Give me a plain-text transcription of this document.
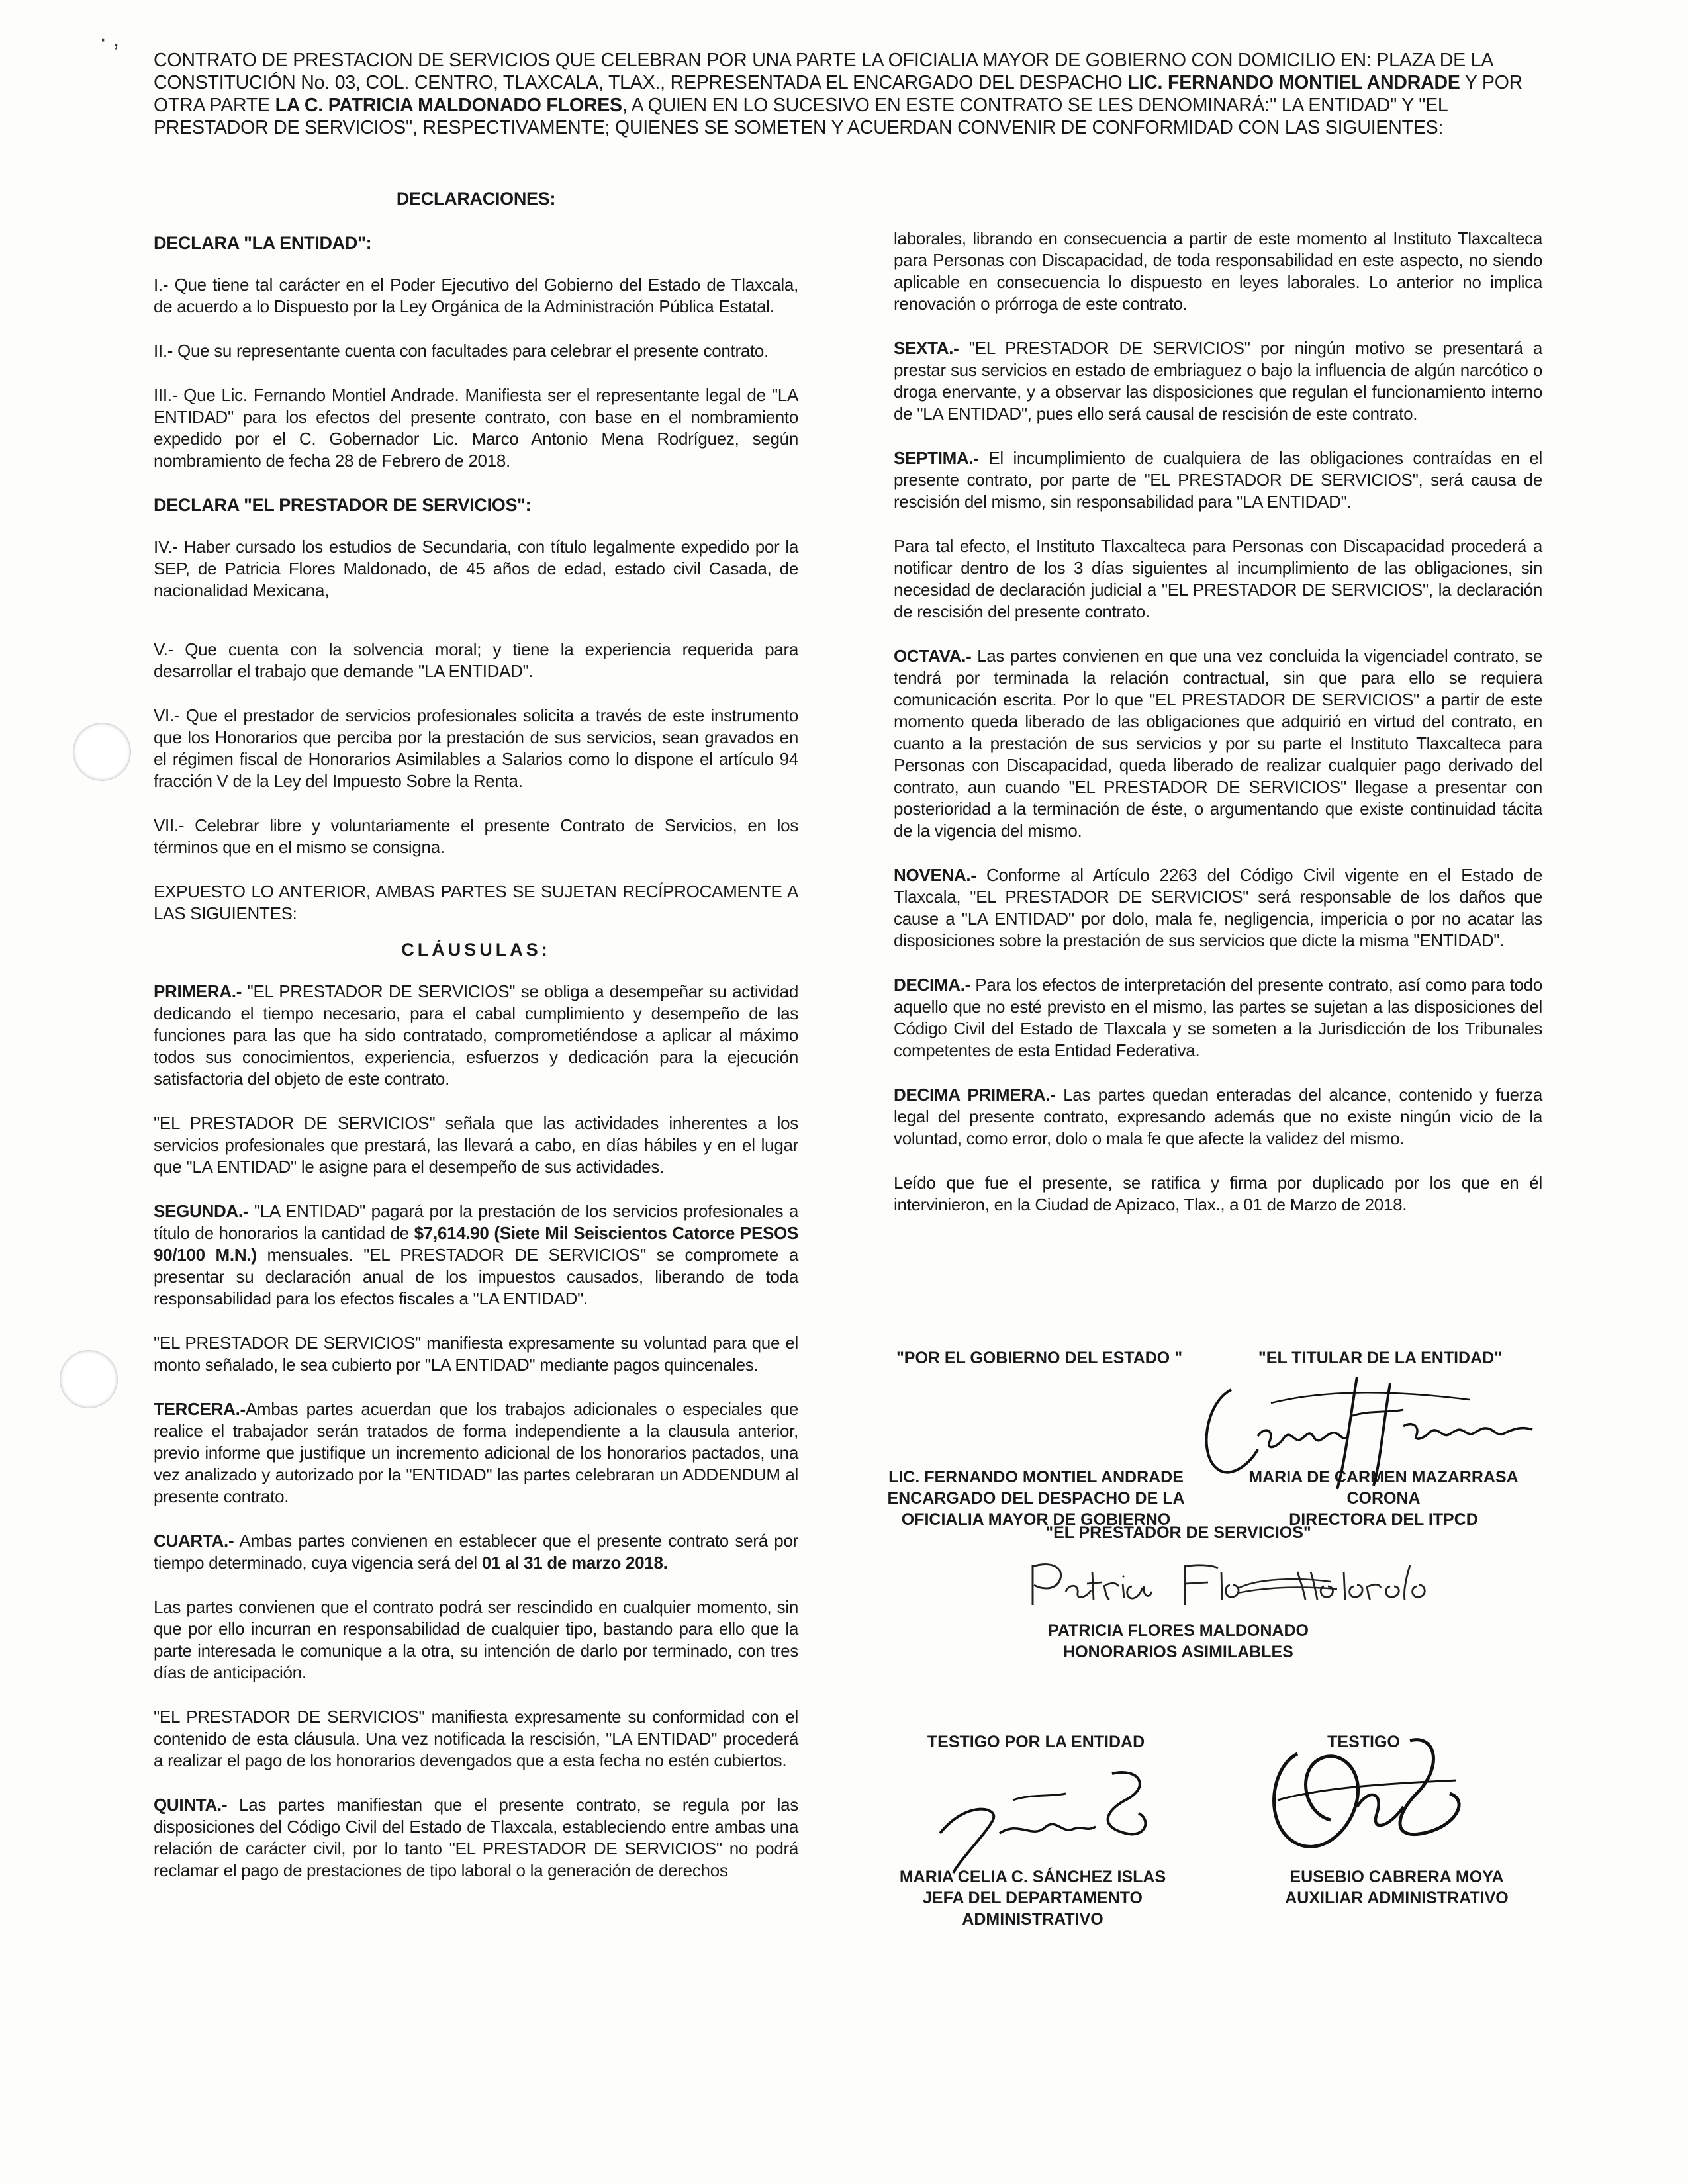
· ,
CONTRATO DE PRESTACION DE SERVICIOS QUE CELEBRAN POR UNA PARTE LA OFICIALIA MAYOR DE GOBIERNO CON DOMICILIO EN: PLAZA DE LA CONSTITUCIÓN No. 03, COL. CENTRO, TLAXCALA, TLAX., REPRESENTADA EL ENCARGADO DEL DESPACHO LIC. FERNANDO MONTIEL ANDRADE Y POR OTRA PARTE LA C. PATRICIA MALDONADO FLORES, A QUIEN EN LO SUCESIVO EN ESTE CONTRATO SE LES DENOMINARÁ:" LA ENTIDAD" Y "EL PRESTADOR DE SERVICIOS", RESPECTIVAMENTE; QUIENES SE SOMETEN Y ACUERDAN CONVENIR DE CONFORMIDAD CON LAS SIGUIENTES:
DECLARACIONES:
DECLARA "LA ENTIDAD":

I.- Que tiene tal carácter en el Poder Ejecutivo del Gobierno del Estado de Tlaxcala, de acuerdo a lo Dispuesto por la Ley Orgánica de la Administración Pública Estatal.

II.- Que su representante cuenta con facultades para celebrar el presente contrato.

III.- Que Lic. Fernando Montiel Andrade. Manifiesta ser el representante legal de "LA ENTIDAD" para los efectos del presente contrato, con base en el nombramiento expedido por el C. Gobernador Lic. Marco Antonio Mena Rodríguez, según nombramiento de fecha 28 de Febrero de 2018.

DECLARA "EL PRESTADOR DE SERVICIOS":

IV.- Haber cursado los estudios de Secundaria, con título legalmente expedido por la SEP, de Patricia Flores Maldonado, de 45 años de edad, estado civil Casada, de nacionalidad Mexicana,

V.- Que cuenta con la solvencia moral; y tiene la experiencia requerida para desarrollar el trabajo que demande "LA ENTIDAD".

VI.- Que el prestador de servicios profesionales solicita a través de este instrumento que los Honorarios que perciba por la prestación de sus servicios, sean gravados en el régimen fiscal de Honorarios Asimilables a Salarios como lo dispone el artículo 94 fracción V de la Ley del Impuesto Sobre la Renta.

VII.- Celebrar libre y voluntariamente el presente Contrato de Servicios, en los términos que en el mismo se consigna.

EXPUESTO LO ANTERIOR, AMBAS PARTES SE SUJETAN RECÍPROCAMENTE A LAS SIGUIENTES:

CLÁUSULAS:

PRIMERA.- "EL PRESTADOR DE SERVICIOS" se obliga a desempeñar su actividad dedicando el tiempo necesario, para el cabal cumplimiento y desempeño de las funciones para las que ha sido contratado, comprometiéndose a aplicar al máximo todos sus conocimientos, experiencia, esfuerzos y dedicación para la ejecución satisfactoria del objeto de este contrato.

"EL PRESTADOR DE SERVICIOS" señala que las actividades inherentes a los servicios profesionales que prestará, las llevará a cabo, en días hábiles y en el lugar que "LA ENTIDAD" le asigne para el desempeño de sus actividades.

SEGUNDA.- "LA ENTIDAD" pagará por la prestación de los servicios profesionales a título de honorarios la cantidad de $7,614.90 (Siete Mil Seiscientos Catorce PESOS 90/100 M.N.) mensuales. "EL PRESTADOR DE SERVICIOS" se compromete a presentar su declaración anual de los impuestos causados, liberando de toda responsabilidad para los efectos fiscales a "LA ENTIDAD".

"EL PRESTADOR DE SERVICIOS" manifiesta expresamente su voluntad para que el monto señalado, le sea cubierto por "LA ENTIDAD" mediante pagos quincenales.

TERCERA.-Ambas partes acuerdan que los trabajos adicionales o especiales que realice el trabajador serán tratados de forma independiente a la clausula anterior, previo informe que justifique un incremento adicional de los honorarios pactados, una vez analizado y autorizado por la "ENTIDAD" las partes celebraran un ADDENDUM al presente contrato.

CUARTA.- Ambas partes convienen en establecer que el presente contrato será por tiempo determinado, cuya vigencia será del 01 al 31 de marzo 2018.

Las partes convienen que el contrato podrá ser rescindido en cualquier momento, sin que por ello incurran en responsabilidad de cualquier tipo, bastando para ello que la parte interesada le comunique a la otra, su intención de darlo por terminado, con tres días de anticipación.

"EL PRESTADOR DE SERVICIOS" manifiesta expresamente su conformidad con el contenido de esta cláusula. Una vez notificada la rescisión, "LA ENTIDAD" procederá a realizar el pago de los honorarios devengados que a esta fecha no estén cubiertos.

QUINTA.- Las partes manifiestan que el presente contrato, se regula por las disposiciones del Código Civil del Estado de Tlaxcala, estableciendo entre ambas una relación de carácter civil, por lo tanto "EL PRESTADOR DE SERVICIOS" no podrá reclamar el pago de prestaciones de tipo laboral o la generación de derechos

laborales, librando en consecuencia a partir de este momento al Instituto Tlaxcalteca para Personas con Discapacidad, de toda responsabilidad en este aspecto, no siendo aplicable en consecuencia lo dispuesto en leyes laborales. Lo anterior no implica renovación o prórroga de este contrato.

SEXTA.- "EL PRESTADOR DE SERVICIOS" por ningún motivo se presentará a prestar sus servicios en estado de embriaguez o bajo la influencia de algún narcótico o droga enervante, y a observar las disposiciones que regulan el funcionamiento interno de "LA ENTIDAD", pues ello será causal de rescisión de este contrato.

SEPTIMA.- El incumplimiento de cualquiera de las obligaciones contraídas en el presente contrato, por parte de "EL PRESTADOR DE SERVICIOS", será causa de rescisión del mismo, sin responsabilidad para "LA ENTIDAD".

Para tal efecto, el Instituto Tlaxcalteca para Personas con Discapacidad procederá a notificar dentro de los 3 días siguientes al incumplimiento de las obligaciones, sin necesidad de declaración judicial a "EL PRESTADOR DE SERVICIOS", la declaración de rescisión del presente contrato.

OCTAVA.- Las partes convienen en que una vez concluida la vigenciadel contrato, se tendrá por terminada la relación contractual, sin que para ello se requiera comunicación escrita. Por lo que "EL PRESTADOR DE SERVICIOS" a partir de este momento queda liberado de las obligaciones que adquirió en virtud del contrato, en cuanto a la prestación de sus servicios y por su parte el Instituto Tlaxcalteca para Personas con Discapacidad, queda liberado de realizar cualquier pago derivado del contrato, aun cuando "EL PRESTADOR DE SERVICIOS" llegase a presentar con posterioridad a la terminación de éste, o argumentando que existe continuidad tácita de la vigencia del mismo.

NOVENA.- Conforme al Artículo 2263 del Código Civil vigente en el Estado de Tlaxcala, "EL PRESTADOR DE SERVICIOS" será responsable de los daños que cause a "LA ENTIDAD" por dolo, mala fe, negligencia, impericia o por no acatar las disposiciones sobre la prestación de sus servicios que dicte la misma "ENTIDAD".

DECIMA.- Para los efectos de interpretación del presente contrato, así como para todo aquello que no esté previsto en el mismo, las partes se sujetan a las disposiciones del Código Civil del Estado de Tlaxcala y se someten a la Jurisdicción de los Tribunales competentes de esta Entidad Federativa.

DECIMA PRIMERA.- Las partes quedan enteradas del alcance, contenido y fuerza legal del presente contrato, expresando además que no existe ningún vicio de la voluntad, como error, dolo o mala fe que afecte la validez del mismo.

Leído que fue el presente, se ratifica y firma por duplicado por los que en él intervinieron, en la Ciudad de Apizaco, Tlax., a 01 de Marzo de 2018.

"POR EL GOBIERNO DEL ESTADO "	"EL TITULAR DE LA ENTIDAD"
LIC. FERNANDO MONTIEL ANDRADE
ENCARGADO DEL DESPACHO DE LA
OFICIALIA MAYOR DE GOBIERNO
MARIA DE CARMEN MAZARRASA
CORONA
DIRECTORA DEL ITPCD
"EL PRESTADOR DE SERVICIOS"
PATRICIA FLORES MALDONADO
HONORARIOS ASIMILABLES
TESTIGO POR LA ENTIDAD	TESTIGO
MARIA CELIA C. SÁNCHEZ ISLAS
JEFA DEL DEPARTAMENTO
ADMINISTRATIVO
EUSEBIO CABRERA MOYA
AUXILIAR ADMINISTRATIVO
